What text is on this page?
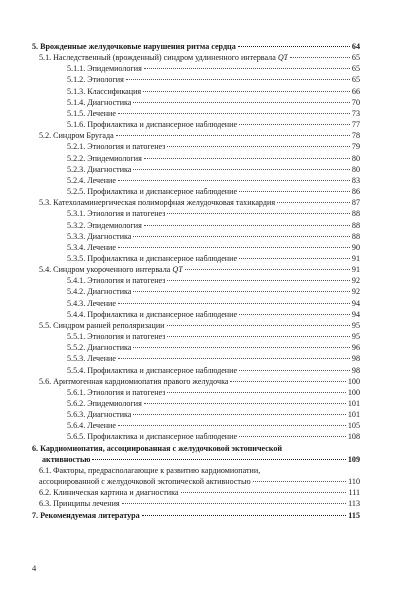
5. Врожденные желудочковые нарушения ритма сердца	64
5.1. Наследственный (врожденный) синдром удлиненного интервала QT	65
5.1.1. Эпидемиология	65
5.1.2. Этиология	65
5.1.3. Классификация	66
5.1.4. Диагностика	70
5.1.5. Лечение	73
5.1.6. Профилактика и диспансерное наблюдение	77
5.2. Синдром Бругада	78
5.2.1. Этиология и патогенез	79
5.2.2. Эпидемиология	80
5.2.3. Диагностика	80
5.2.4. Лечение	83
5.2.5. Профилактика и диспансерное наблюдение	86
5.3. Катехоламинергическая полиморфная желудочковая тахикардия	87
5.3.1. Этиология и патогенез	88
5.3.2. Эпидемиология	88
5.3.3. Диагностика	88
5.3.4. Лечение	90
5.3.5. Профилактика и диспансерное наблюдение	91
5.4. Синдром укороченного интервала QT	91
5.4.1. Этиология и патогенез	92
5.4.2. Диагностика	92
5.4.3. Лечение	94
5.4.4. Профилактика и диспансерное наблюдение	94
5.5. Синдром ранней реполяризации	95
5.5.1. Этиология и патогенез	95
5.5.2. Диагностика	96
5.5.3. Лечение	98
5.5.4. Профилактика и диспансерное наблюдение	98
5.6. Аритмогенная кардиомиопатия правого желудочка	100
5.6.1. Этиология и патогенез	100
5.6.2. Эпидемиология	101
5.6.3. Диагностика	101
5.6.4. Лечение	105
5.6.5. Профилактика и диспансерное наблюдение	108
6. Кардиомиопатия, ассоциированная с желудочковой эктопической
активностью	109
6.1. Факторы, предрасполагающие к развитию кардиомиопатии,
ассоциированной с желудочковой эктопической активностью	110
6.2. Клиническая картина и диагностика	111
6.3. Принципы лечения	113
7. Рекомендуемая литература	115
4
